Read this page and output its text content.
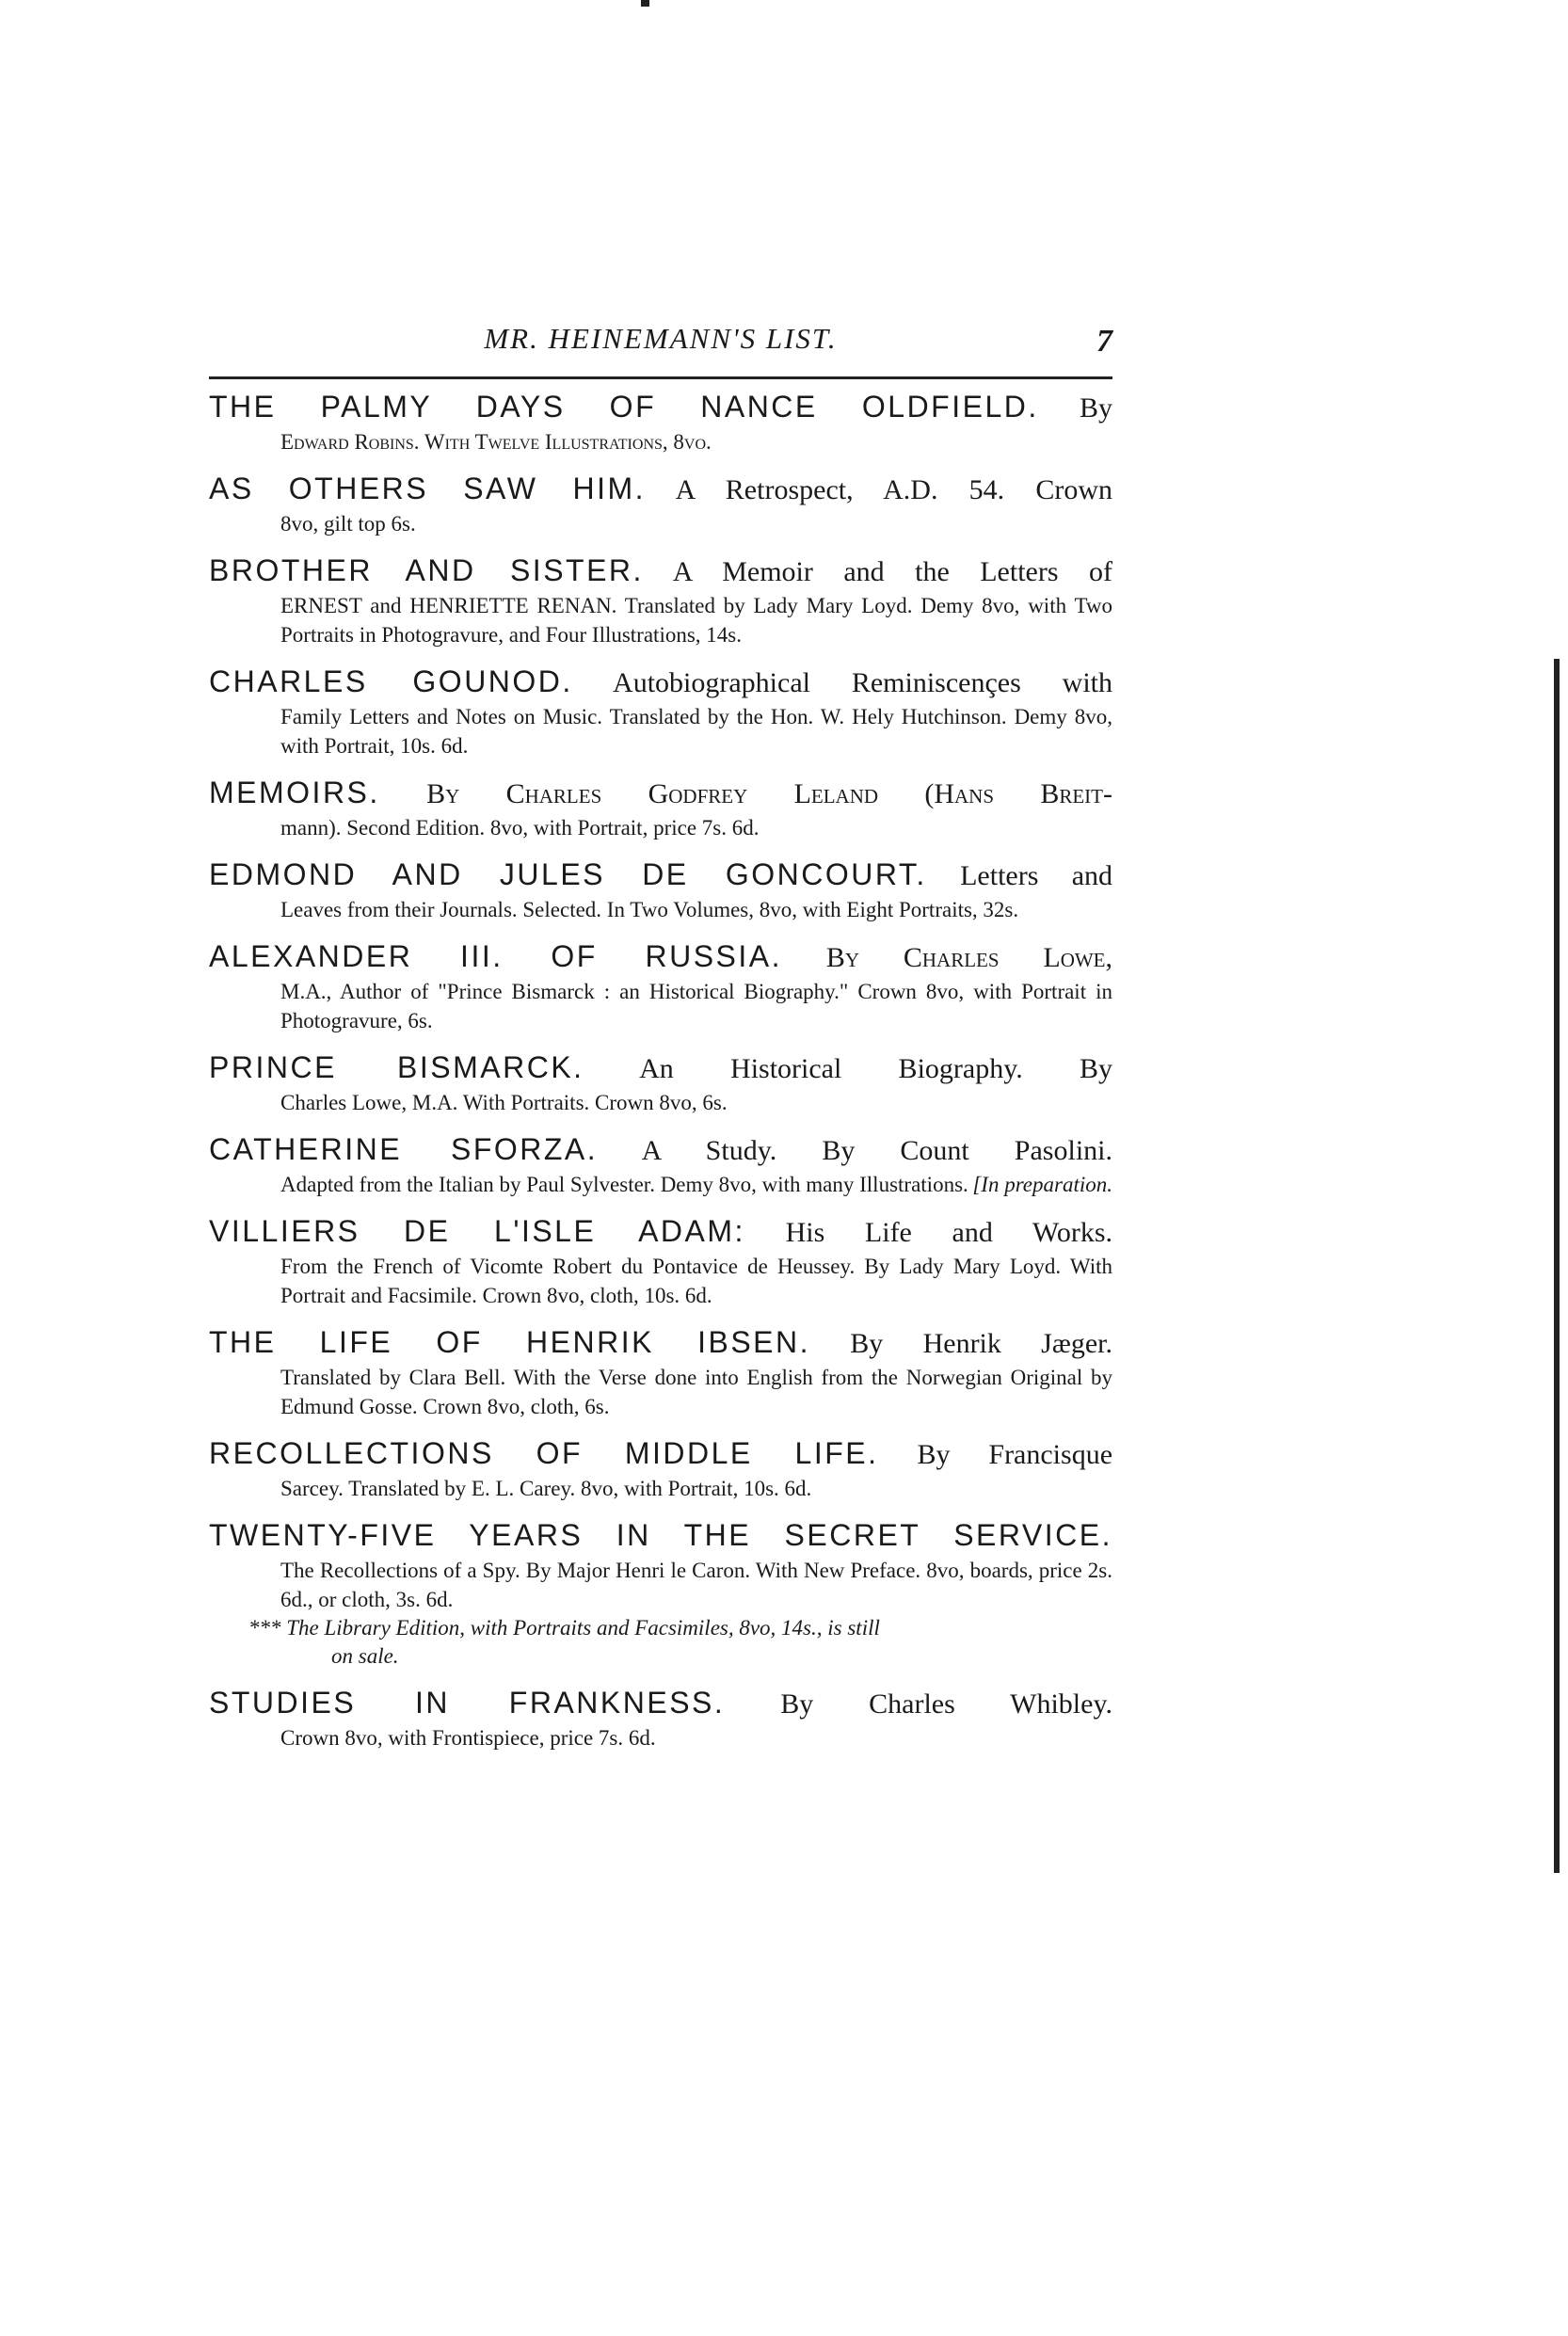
MR. HEINEMANN'S LIST.	7
THE PALMY DAYS OF NANCE OLDFIELD. By
Edward Robins. With Twelve Illustrations, 8vo.
AS OTHERS SAW HIM. A Retrospect, A.D. 54. Crown
8vo, gilt top 6s.
BROTHER AND SISTER. A Memoir and the Letters of
ERNEST and HENRIETTE RENAN. Translated by Lady Mary Loyd. Demy 8vo, with Two Portraits in Photogravure, and Four Illustrations, 14s.
CHARLES GOUNOD. Autobiographical Reminiscençes with
Family Letters and Notes on Music. Translated by the Hon. W. Hely Hutchinson. Demy 8vo, with Portrait, 10s. 6d.
MEMOIRS. By Charles Godfrey Leland (Hans Breit-
mann). Second Edition. 8vo, with Portrait, price 7s. 6d.
EDMOND AND JULES DE GONCOURT. Letters and
Leaves from their Journals. Selected. In Two Volumes, 8vo, with Eight Portraits, 32s.
ALEXANDER III. OF RUSSIA. By Charles Lowe,
M.A., Author of "Prince Bismarck : an Historical Biography." Crown 8vo, with Portrait in Photogravure, 6s.
PRINCE BISMARCK. An Historical Biography. By
Charles Lowe, M.A. With Portraits. Crown 8vo, 6s.
CATHERINE SFORZA. A Study. By Count Pasolini.
Adapted from the Italian by Paul Sylvester. Demy 8vo, with many Illustrations. [In preparation.
VILLIERS DE L'ISLE ADAM: His Life and Works.
From the French of Vicomte Robert du Pontavice de Heussey. By Lady Mary Loyd. With Portrait and Facsimile. Crown 8vo, cloth, 10s. 6d.
THE LIFE OF HENRIK IBSEN. By Henrik Jæger.
Translated by Clara Bell. With the Verse done into English from the Norwegian Original by Edmund Gosse. Crown 8vo, cloth, 6s.
RECOLLECTIONS OF MIDDLE LIFE. By Francisque
Sarcey. Translated by E. L. Carey. 8vo, with Portrait, 10s. 6d.
TWENTY-FIVE YEARS IN THE SECRET SERVICE.
The Recollections of a Spy. By Major Henri le Caron. With New Preface. 8vo, boards, price 2s. 6d., or cloth, 3s. 6d.
*** The Library Edition, with Portraits and Facsimiles, 8vo, 14s., is still
on sale.
STUDIES IN FRANKNESS. By Charles Whibley.
Crown 8vo, with Frontispiece, price 7s. 6d.
